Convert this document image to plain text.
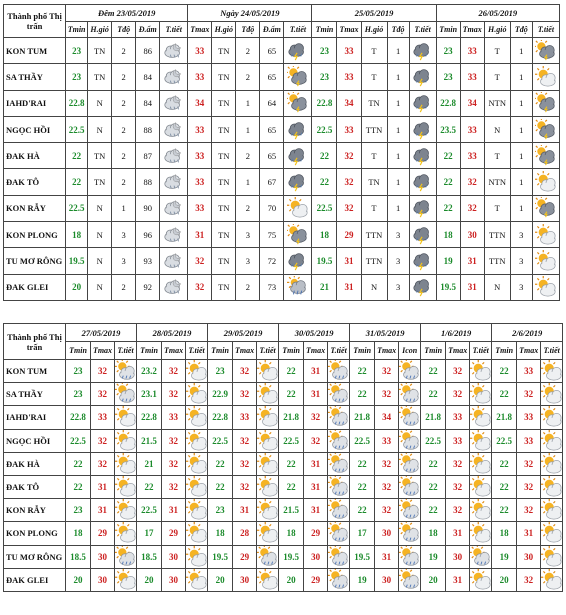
Thành phố Thị trấn	Đêm 23/05/2019					Ngày 24/05/2019					25/05/2019					26/05/2019				
	Tmin	H.gió	Tđộ	Đ.ẩm	T.tiết	Tmax	H.gió	Tđộ	Đ.ẩm	T.tiết	Tmin	Tmax	H.gió	Tđộ	T.tiết	Tmin	Tmax	H.gió	Tđộ	T.tiết
KON TUM	23	TN	2	86		33	TN	2	65		23	33	T	1		23	33	T	1	

SA THẦY	23	TN	2	84		33	TN	2	65		23	33	T	1		23	33	T	1	

IAHD'RAI	22.8	N	2	84		34	TN	1	64		22.8	34	TN	1		22.8	34	NTN	1	

NGỌC HỒI	22.5	N	2	88		33	TN	1	65		22.5	33	TTN	1		23.5	33	N	1	

ĐAK HÀ	22	TN	2	87		33	TN	2	65		22	32	T	1		22	33	T	1	

ĐAK TÔ	22	TN	2	88		33	TN	1	67		22	32	TN	1		22	32	NTN	1	

KON RẪY	22.5	N	1	90		33	TN	2	70		22.5	32	T	1		22	32	T	1	

KON PLONG	18	N	3	96		31	TN	3	75		18	29	TTN	3		18	30	TTN	3	

TU MƠ RÔNG	19.5	N	3	93		32	TN	3	72		19.5	31	TTN	3		19	31	TTN	3	

ĐAK GLEI	20	N	2	92		32	TN	2	73		21	31	N	3		19.5	31	N	3	
Thành phố Thị trấn	27/05/2019			28/05/2019			29/05/2019			30/05/2019			31/05/2019			1/6/2019			2/6/2019		
	Tmin	Tmax	T.tiết	Tmin	Tmax	T.tiết	Tmin	Tmax	T.tiết	Tmin	Tmax	T.tiết	Tmin	Tmax	Icon	Tmin	Tmax	T.tiết	Tmin	Tmax	T.tiết
KON TUM	23	32		23.2	32		23	32		22	31		22	32		22	32		22	33	

SA THẦY	23	32		23.1	32		22.9	32		22	31		22	32		22	32		22	32	

IAHD'RAI	22.8	33		22.8	33		22.8	33		21.8	32		21.8	34		21.8	33		21.8	33	

NGỌC HỒI	22.5	32		21.5	32		22.5	32		22.5	32		22.5	33		22.5	33		22.5	33	

ĐAK HÀ	22	32		21	32		22	32		22	31		22	32		22	32		22	32	

ĐAK TÔ	22	31		22	32		22	32		22	31		22	32		22	32		22	32	

KON RẪY	23	31		22.5	31		23	31		21.5	31		22	32		22	32		22	32	

KON PLONG	18	29		17	29		18	28		18	29		17	30		18	31		18	31	

TU MƠ RÔNG	18.5	30		18.5	30		19.5	29		19.5	30		19.5	31		19	30		19	30	

ĐAK GLEI	20	30		20	30		20	30		20	29		19	30		20	31		20	32	
